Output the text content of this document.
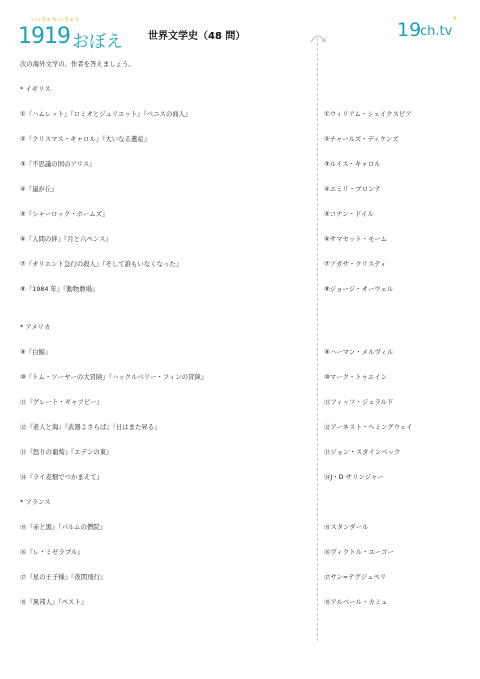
いっきゅう
いっきゅう
1919 おぼえ	世界文学史（48 問）	19
ch.tv
⚡
次の海外文学の、作者を答えましょう。
* イギリス
①『ハムレット』『ロミオとジュリエット』『ベニスの商人』	①ウィリアム・シェイクスピア
②『クリスマス・キャロル』『大いなる遺産』	②チャールズ・ディケンズ
③『不思議の国のアリス』	③ルイス・キャロル
④『嵐が丘』	④エミリ・ブロンテ
⑤『シャーロック・ホームズ』	⑤コナン・ドイル
⑥『人間の絆』『月と六ペンス』	⑥サマセット・モーム
⑦『オリエント急行の殺人』『そして誰もいなくなった』	⑦アガサ・クリスティ
⑧『1984 年』『動物農場』	⑧ジョージ・オーウェル
* アメリカ
⑨『白鯨』	⑨ハーマン・メルヴィル
⑩『トム・ソーヤーの大冒険』『ハックルベリー・フィンの冒険』	⑩マーク・トゥエイン
⑪『グレート・ギャツビー』	⑪フィッツ・ジェラルド
⑫『老人と海』『武器よさらば』『日はまた昇る』	⑫アーネスト・ヘミングウェイ
⑬『怒りの葡萄』『エデンの東』	⑬ジョン・スタインベック
⑭『ライ麦畑でつかまえて』	⑭J・D サリンジャー
* フランス
⑮『赤と黒』『パルムの僧院』	⑮スタンダール
⑯『レ・ミゼラブル』	⑯ヴィクトル・ユーゴー
⑰『星の王子様』『夜間飛行』	⑰サン=テグジュペリ
⑱『異邦人』『ペスト』	⑱アルベール・カミュ
